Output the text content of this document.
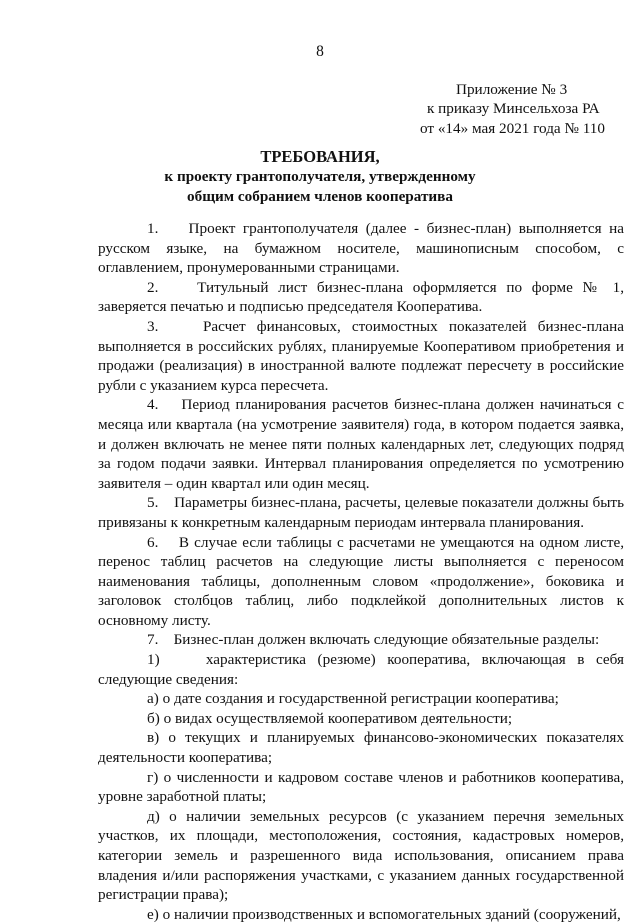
8
Приложение № 3
к приказу Минсельхоза РА
от «14» мая 2021 года № 110
ТРЕБОВАНИЯ,
к проекту грантополучателя, утвержденному
общим собранием членов кооператива

1.    Проект грантополучателя (далее - бизнес-план) выполняется на русском языке, на бумажном носителе, машинописным способом, с оглавлением, пронумерованными страницами.

2.    Титульный лист бизнес-плана оформляется по форме № 1, заверяется печатью и подписью председателя Кооператива.

3.    Расчет финансовых, стоимостных показателей бизнес-плана выполняется в российских рублях, планируемые Кооперативом приобретения и продажи (реализация) в иностранной валюте подлежат пересчету в российские рубли с указанием курса пересчета.

4.    Период планирования расчетов бизнес-плана должен начинаться с месяца или квартала (на усмотрение заявителя) года, в котором подается заявка, и должен включать не менее пяти полных календарных лет, следующих подряд за годом подачи заявки. Интервал планирования определяется по усмотрению заявителя – один квартал или один месяц.

5.    Параметры бизнес-плана, расчеты, целевые показатели должны быть привязаны к конкретным календарным периодам интервала планирования.

6.    В случае если таблицы с расчетами не умещаются на одном листе, перенос таблиц расчетов на следующие листы выполняется с переносом наименования таблицы, дополненным словом «продолжение», боковика и заголовок столбцов таблиц, либо подклейкой дополнительных листов к основному листу.

7.    Бизнес-план должен включать следующие обязательные разделы:

1)    характеристика (резюме) кооператива, включающая в себя следующие сведения:

а) о дате создания и государственной регистрации кооператива;

б) о видах осуществляемой кооперативом деятельности;

в) о текущих и планируемых финансово-экономических показателях деятельности кооператива;

г) о численности и кадровом составе членов и работников кооператива, уровне заработной платы;

д) о наличии земельных ресурсов (с указанием перечня земельных участков, их площади, местоположения, состояния, кадастровых номеров, категории земель и разрешенного вида использования, описанием права владения и/или распоряжения участками, с указанием данных государственной регистрации права);

е) о наличии производственных и вспомогательных зданий (сооружений,
